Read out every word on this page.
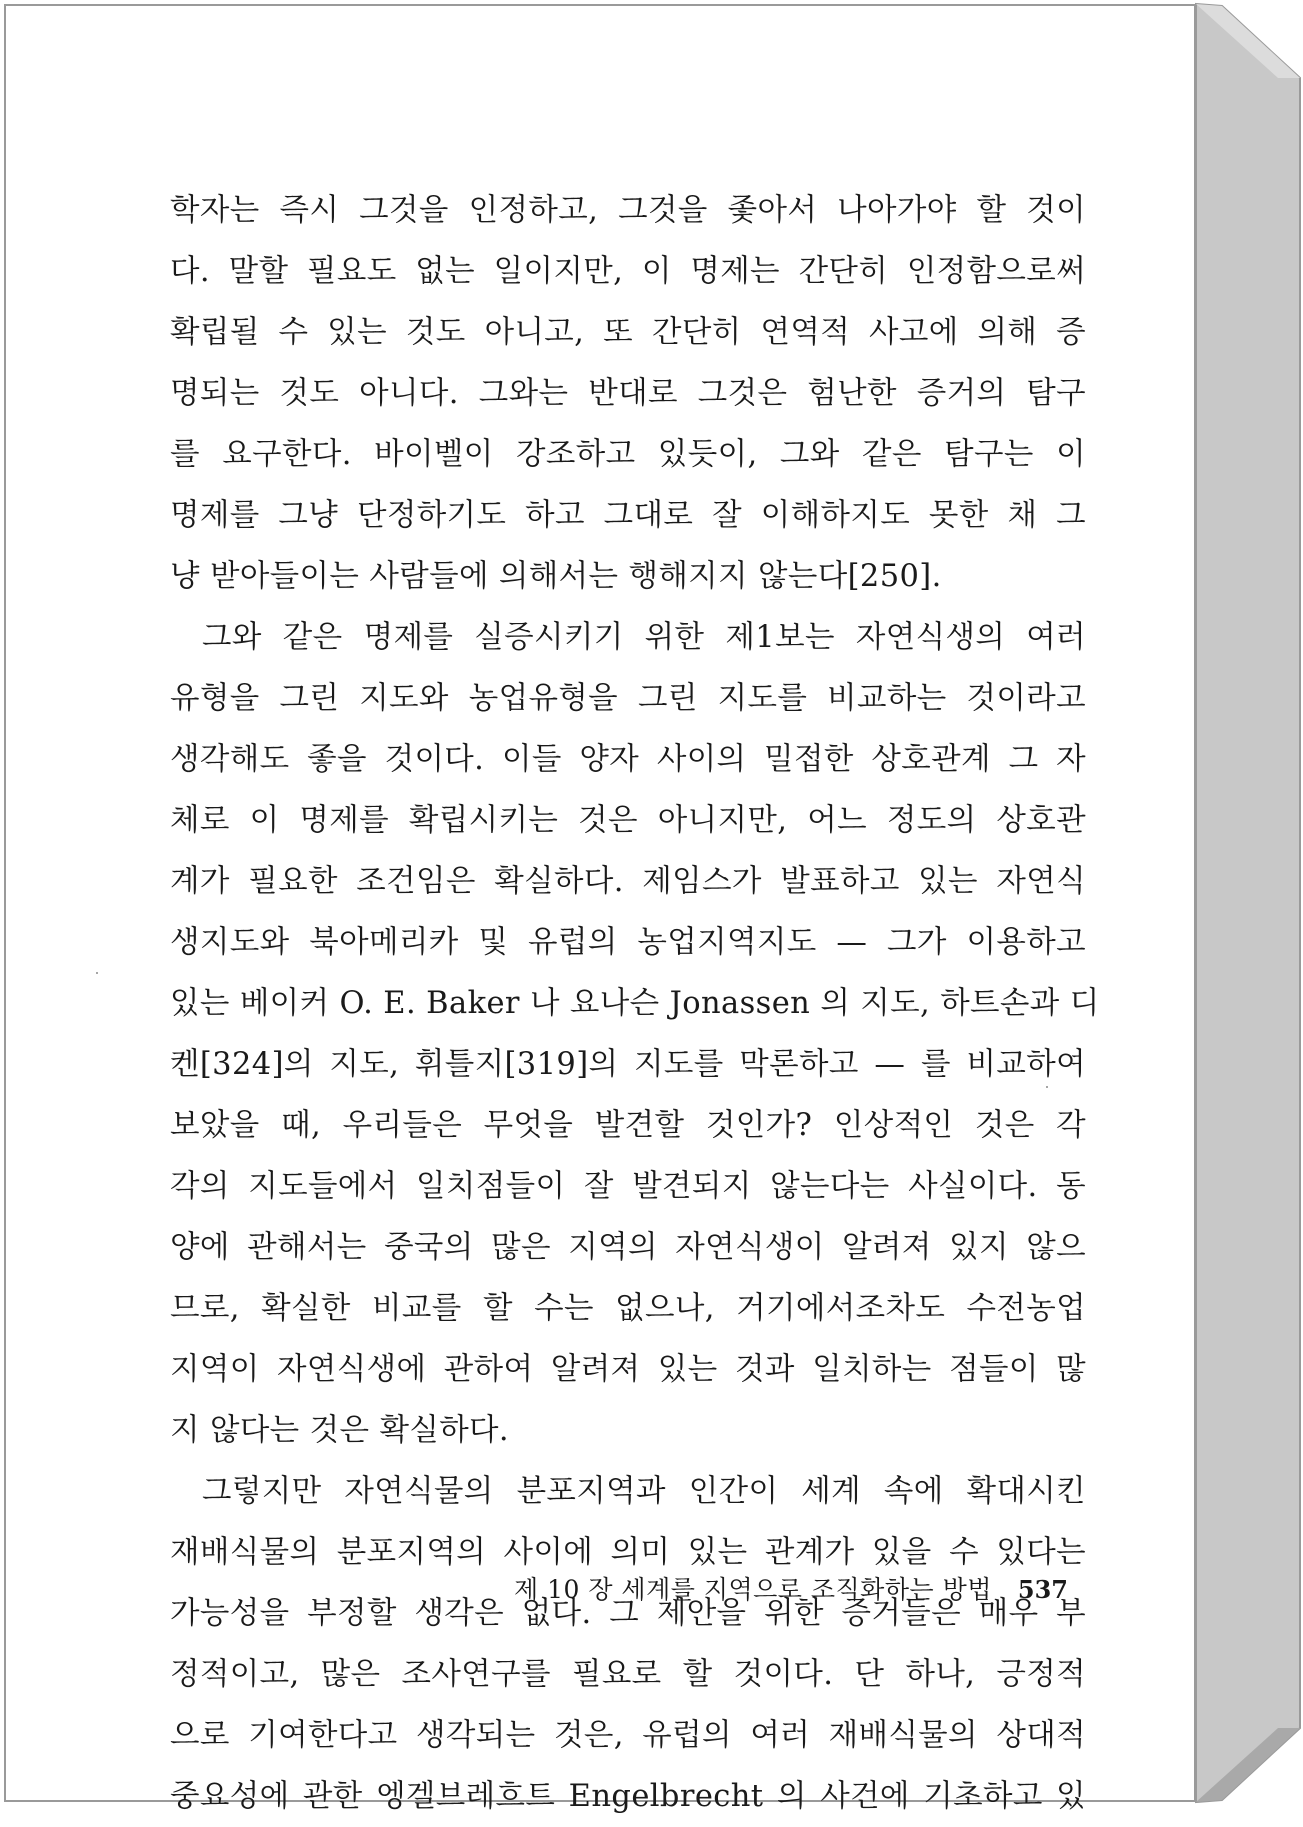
학자는 즉시 그것을 인정하고, 그것을 좇아서 나아가야 할 것이
다. 말할 필요도 없는 일이지만, 이 명제는 간단히 인정함으로써
확립될 수 있는 것도 아니고, 또 간단히 연역적 사고에 의해 증
명되는 것도 아니다. 그와는 반대로 그것은 험난한 증거의 탐구
를 요구한다. 바이벨이 강조하고 있듯이, 그와 같은 탐구는 이
명제를 그냥 단정하기도 하고 그대로 잘 이해하지도 못한 채 그
냥 받아들이는 사람들에 의해서는 행해지지 않는다[250].
그와 같은 명제를 실증시키기 위한 제1보는 자연식생의 여러
유형을 그린 지도와 농업유형을 그린 지도를 비교하는 것이라고
생각해도 좋을 것이다. 이들 양자 사이의 밀접한 상호관계 그 자
체로 이 명제를 확립시키는 것은 아니지만, 어느 정도의 상호관
계가 필요한 조건임은 확실하다. 제임스가 발표하고 있는 자연식
생지도와 북아메리카 및 유럽의 농업지역지도 — 그가 이용하고
있는 베이커 O. E. Baker 나 요나슨 Jonassen 의 지도, 하트손과 디
켄[324]의 지도, 휘틀지[319]의 지도를 막론하고 — 를 비교하여
보았을 때, 우리들은 무엇을 발견할 것인가? 인상적인 것은 각
각의 지도들에서 일치점들이 잘 발견되지 않는다는 사실이다. 동
양에 관해서는 중국의 많은 지역의 자연식생이 알려져 있지 않으
므로, 확실한 비교를 할 수는 없으나, 거기에서조차도 수전농업
지역이 자연식생에 관하여 알려져 있는 것과 일치하는 점들이 많
지 않다는 것은 확실하다.
그렇지만 자연식물의 분포지역과 인간이 세계 속에 확대시킨
재배식물의 분포지역의 사이에 의미 있는 관계가 있을 수 있다는
가능성을 부정할 생각은 없다. 그 제안을 위한 증거들은 매우 부
정적이고, 많은 조사연구를 필요로 할 것이다. 단 하나, 긍정적
으로 기여한다고 생각되는 것은, 유럽의 여러 재배식물의 상대적
중요성에 관한 엥겔브레흐트 Engelbrecht 의 사건에 기초하고 있
제 10 장 세계를 지역으로 조직화하는 방법 537
